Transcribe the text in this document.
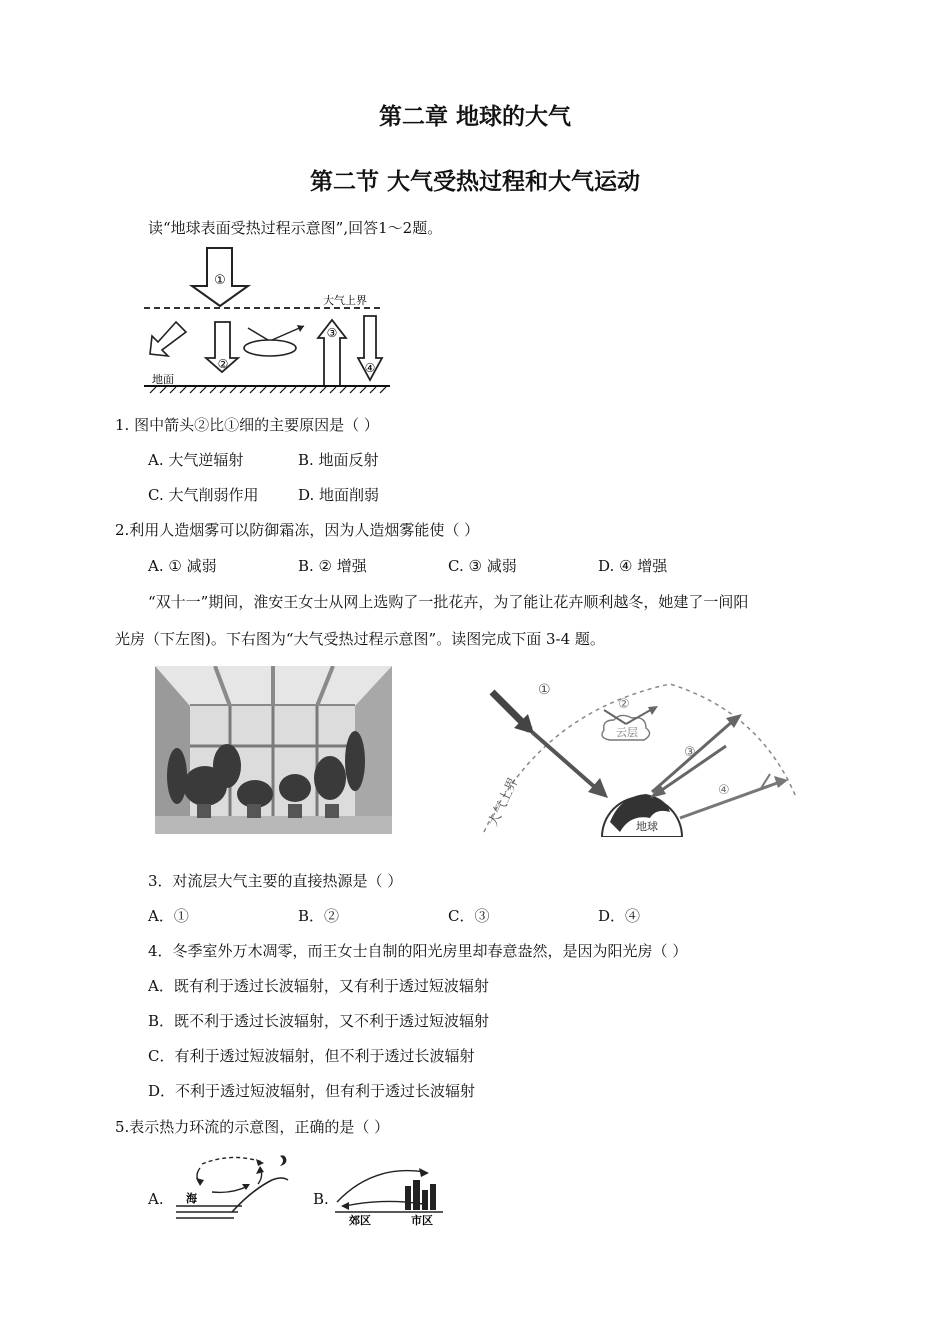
第二章 地球的大气
第二节 大气受热过程和大气运动
读“地球表面受热过程示意图”,回答1～2题。
①
大气上界
②
③
④
地面
1. 图中箭头②比①细的主要原因是（ ）
A. 大气逆辐射	B. 地面反射
C. 大气削弱作用	D. 地面削弱
2.利用人造烟雾可以防御霜冻，因为人造烟雾能使（ ）
A. ① 减弱	B. ② 增强	C. ③ 减弱	D. ④ 增强
“双十一”期间，淮安王女士从网上选购了一批花卉，为了能让花卉顺利越冬，她建了一间阳
光房（下左图)。下右图为“大气受热过程示意图”。读图完成下面 3-4 题。
大气上界
①
云层
②
地球
③
④
3．对流层大气主要的直接热源是（ ）
A．①	B．②	C．③	D．④
4．冬季室外万木凋零，而王女士自制的阳光房里却春意盎然，是因为阳光房（ ）
A．既有利于透过长波辐射，又有利于透过短波辐射
B．既不利于透过长波辐射，又不利于透过短波辐射
C．有利于透过短波辐射，但不利于透过长波辐射
D．不利于透过短波辐射，但有利于透过长波辐射
5.表示热力环流的示意图，正确的是（ ）
A. 海	B.
郊区	市区
